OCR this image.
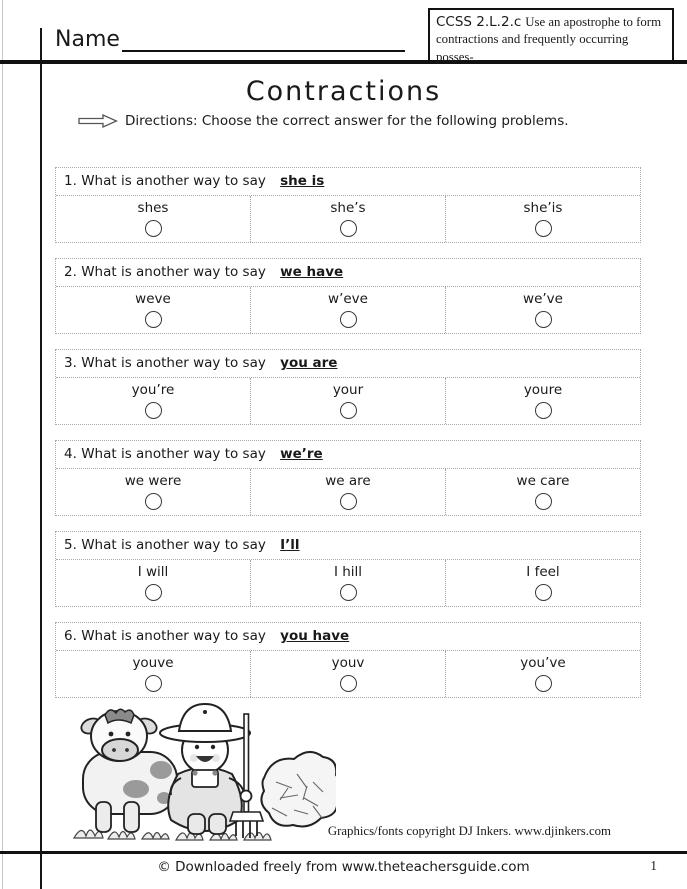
Name
CCSS 2.L.2.c Use an apostrophe to form contractions and frequently occurring posses-
Contractions
Directions: Choose the correct answer for the following problems.
1. What is another way to say she is
shes	she’s	she’is
2. What is another way to say we have
weve	w’eve	we’ve
3. What is another way to say you are
you’re	your	youre
4. What is another way to say we’re
we were	we are	we care
5. What is another way to say I’ll
I will	I hill	I feel
6. What is another way to say you have
youve	youv	you’ve
Graphics/fonts copyright DJ Inkers. www.djinkers.com
© Downloaded freely from www.theteachersguide.com	1
